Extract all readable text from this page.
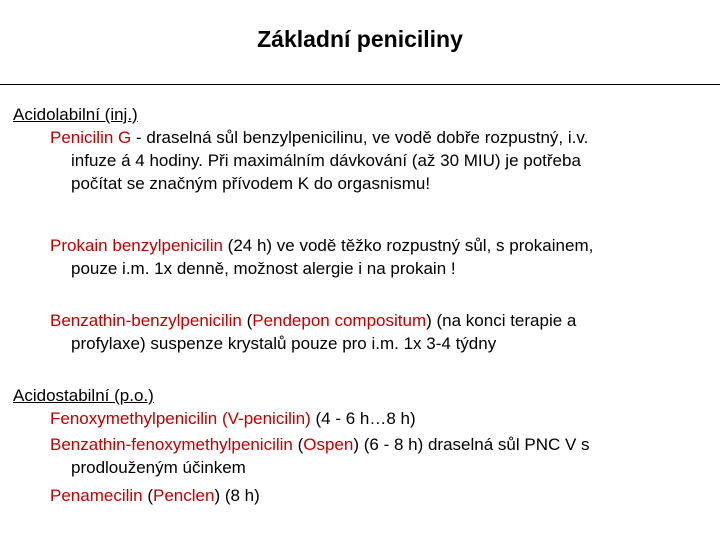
Základní peniciliny
Acidolabilní (inj.)
Penicilin G - draselná sůl benzylpenicilinu, ve vodě dobře rozpustný, i.v.
infuze á 4 hodiny. Při maximálním dávkování (až 30 MIU) je potřeba
počítat se značným přívodem K do orgasnismu!
Prokain benzylpenicilin (24 h) ve vodě těžko rozpustný sůl, s prokainem,
pouze i.m. 1x denně, možnost alergie i na prokain !
Benzathin-benzylpenicilin (Pendepon compositum) (na konci terapie a
profylaxe) suspenze krystalů pouze pro i.m. 1x 3-4 týdny
Acidostabilní (p.o.)
Fenoxymethylpenicilin (V-penicilin) (4 - 6 h…8 h)
Benzathin-fenoxymethylpenicilin (Ospen) (6 - 8 h) draselná sůl PNC V s
prodlouženým účinkem
Penamecilin (Penclen) (8 h)
